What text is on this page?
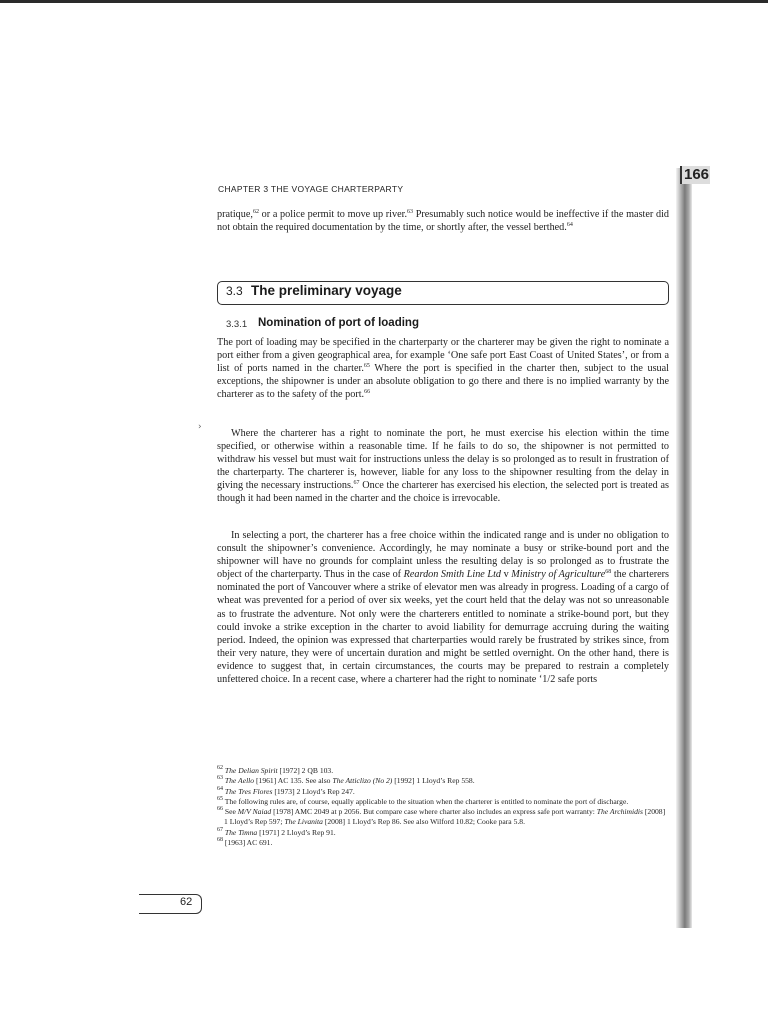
166
CHAPTER 3 THE VOYAGE CHARTERPARTY

pratique,$^{62}$ or a police permit to move up river.$^{63}$ Presumably such notice would be ineffective if the master did not obtain the required documentation by the time, or shortly after, the vessel berthed.$^{64}$

3.3 The preliminary voyage
3.3.1 Nomination of port of loading

The port of loading may be specified in the charterparty or the charterer may be given the right to nominate a port either from a given geographical area, for example ‘One safe port East Coast of United States’, or from a list of ports named in the charter.$^{65}$ Where the port is specified in the charter then, subject to the usual exceptions, the shipowner is under an absolute obligation to go there and there is no implied warranty by the charterer as to the safety of the port.$^{66}$

Where the charterer has a right to nominate the port, he must exercise his election within the time specified, or otherwise within a reasonable time. If he fails to do so, the shipowner is not permitted to withdraw his vessel but must wait for instructions unless the delay is so prolonged as to result in frustration of the charterparty. The charterer is, however, liable for any loss to the shipowner resulting from the delay in giving the necessary instructions.$^{67}$ Once the charterer has exercised his election, the selected port is treated as though it had been named in the charter and the choice is irrevocable.

In selecting a port, the charterer has a free choice within the indicated range and is under no obligation to consult the shipowner’s convenience. Accordingly, he may nominate a busy or strike-bound port and the shipowner will have no grounds for complaint unless the resulting delay is so prolonged as to frustrate the object of the charterparty. Thus in the case of Reardon Smith Line Ltd v Ministry of Agriculture$^{68}$ the charterers nominated the port of Vancouver where a strike of elevator men was already in progress. Loading of a cargo of wheat was prevented for a period of over six weeks, yet the court held that the delay was not so unreasonable as to frustrate the adventure. Not only were the charterers entitled to nominate a strike-bound port, but they could invoke a strike exception in the charter to avoid liability for demurrage accruing during the waiting period. Indeed, the opinion was expressed that charterparties would rarely be frustrated by strikes since, from their very nature, they were of uncertain duration and might be settled overnight. On the other hand, there is evidence to suggest that, in certain circumstances, the courts may be prepared to restrain a completely unfettered choice. In a recent case, where a charterer had the right to nominate ‘1/2 safe ports

›
$^{62}$ The Delian Spirit [1972] 2 QB 103.
$^{63}$ The Aello [1961] AC 135. See also The Atticlizo (No 2) [1992] 1 Lloyd’s Rep 558.
$^{64}$ The Tres Flores [1973] 2 Lloyd’s Rep 247.
$^{65}$ The following rules are, of course, equally applicable to the situation when the charterer is entitled to nominate the port of discharge.
$^{66}$ See M/V Naiad [1978] AMC 2049 at p 2056. But compare case where charter also includes an express safe port warranty: The Archimidis [2008] 1 Lloyd’s Rep 597; The Livanita [2008] 1 Lloyd’s Rep 86. See also Wilford 10.82; Cooke para 5.8.
$^{67}$ The Timna [1971] 2 Lloyd’s Rep 91.
$^{68}$ [1963] AC 691.
62
